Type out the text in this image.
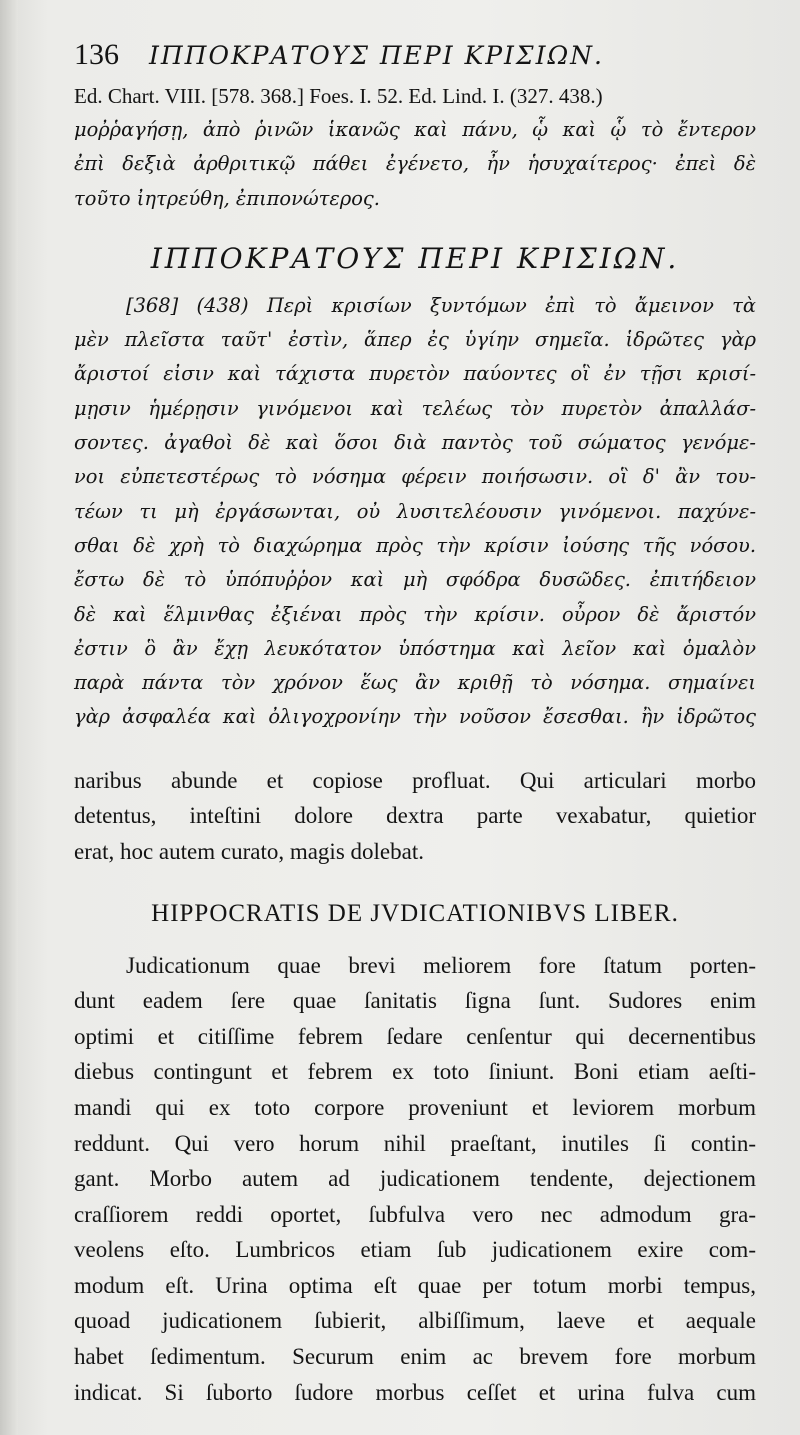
136 ΙΠΠΟΚΡΑΤΟΥΣ ΠΕΡΙ ΚΡΙΣΙΩΝ.
Ed. Chart. VIII. [578. 368.] Foes. I. 52. Ed. Lind. I. (327. 438.)
μοῤῥαγήσῃ, ἀπὸ ῥινῶν ἱκανῶς καὶ πάνυ, ᾧ καὶ ᾧ τὸ ἔντερον
ἐπὶ δεξιὰ ἀρθριτικῷ πάθει ἐγένετο, ἦν ἡσυχαίτερος· ἐπεὶ δὲ
τοῦτο ἰητρεύθη, ἐπιπονώτερος.
ΙΠΠΟΚΡΑΤΟΥΣ ΠΕΡΙ ΚΡΙΣΙΩΝ.
[368] (438) Περὶ κρισίων ξυντόμων ἐπὶ τὸ ἄμεινον τὰ
μὲν πλεῖστα ταῦτ' ἐστὶν, ἅπερ ἐς ὑγίην σημεῖα. ἱδρῶτες γὰρ
ἄριστοί εἰσιν καὶ τάχιστα πυρετὸν παύοντες οἳ ἐν τῇσι κρισί-
μῃσιν ἡμέρῃσιν γινόμενοι καὶ τελέως τὸν πυρετὸν ἀπαλλάσ-
σοντες. ἀγαθοὶ δὲ καὶ ὅσοι διὰ παντὸς τοῦ σώματος γενόμε-
νοι εὐπετεστέρως τὸ νόσημα φέρειν ποιήσωσιν. οἳ δ' ἂν του-
τέων τι μὴ ἐργάσωνται, οὐ λυσιτελέουσιν γινόμενοι. παχύνε-
σθαι δὲ χρὴ τὸ διαχώρημα πρὸς τὴν κρίσιν ἰούσης τῆς νόσου.
ἔστω δὲ τὸ ὑπόπυῤῥον καὶ μὴ σφόδρα δυσῶδες. ἐπιτήδειον
δὲ καὶ ἕλμινθας ἐξιέναι πρὸς τὴν κρίσιν. οὖρον δὲ ἄριστόν
ἐστιν ὃ ἂν ἔχῃ λευκότατον ὑπόστημα καὶ λεῖον καὶ ὁμαλὸν
παρὰ πάντα τὸν χρόνον ἕως ἂν κριθῇ τὸ νόσημα. σημαίνει
γὰρ ἀσφαλέα καὶ ὀλιγοχρονίην τὴν νοῦσον ἔσεσθαι. ἢν ἱδρῶτος
naribus abunde et copiose profluat. Qui articulari morbo
detentus, inteſtini dolore dextra parte vexabatur, quietior
erat, hoc autem curato, magis dolebat.
HIPPOCRATIS DE JVDICATIONIBVS LIBER.
Judicationum quae brevi meliorem fore ſtatum porten-
dunt eadem ſere quae ſanitatis ſigna ſunt. Sudores enim
optimi et citiſſime febrem ſedare cenſentur qui decernentibus
diebus contingunt et febrem ex toto ſiniunt. Boni etiam aeſti-
mandi qui ex toto corpore proveniunt et leviorem morbum
reddunt. Qui vero horum nihil praeſtant, inutiles ſi contin-
gant. Morbo autem ad judicationem tendente, dejectionem
craſſiorem reddi oportet, ſubfulva vero nec admodum gra-
veolens eſto. Lumbricos etiam ſub judicationem exire com-
modum eſt. Urina optima eſt quae per totum morbi tempus,
quoad judicationem ſubierit, albiſſimum, laeve et aequale
habet ſedimentum. Securum enim ac brevem fore morbum
indicat. Si ſuborto ſudore morbus ceſſet et urina fulva cum
